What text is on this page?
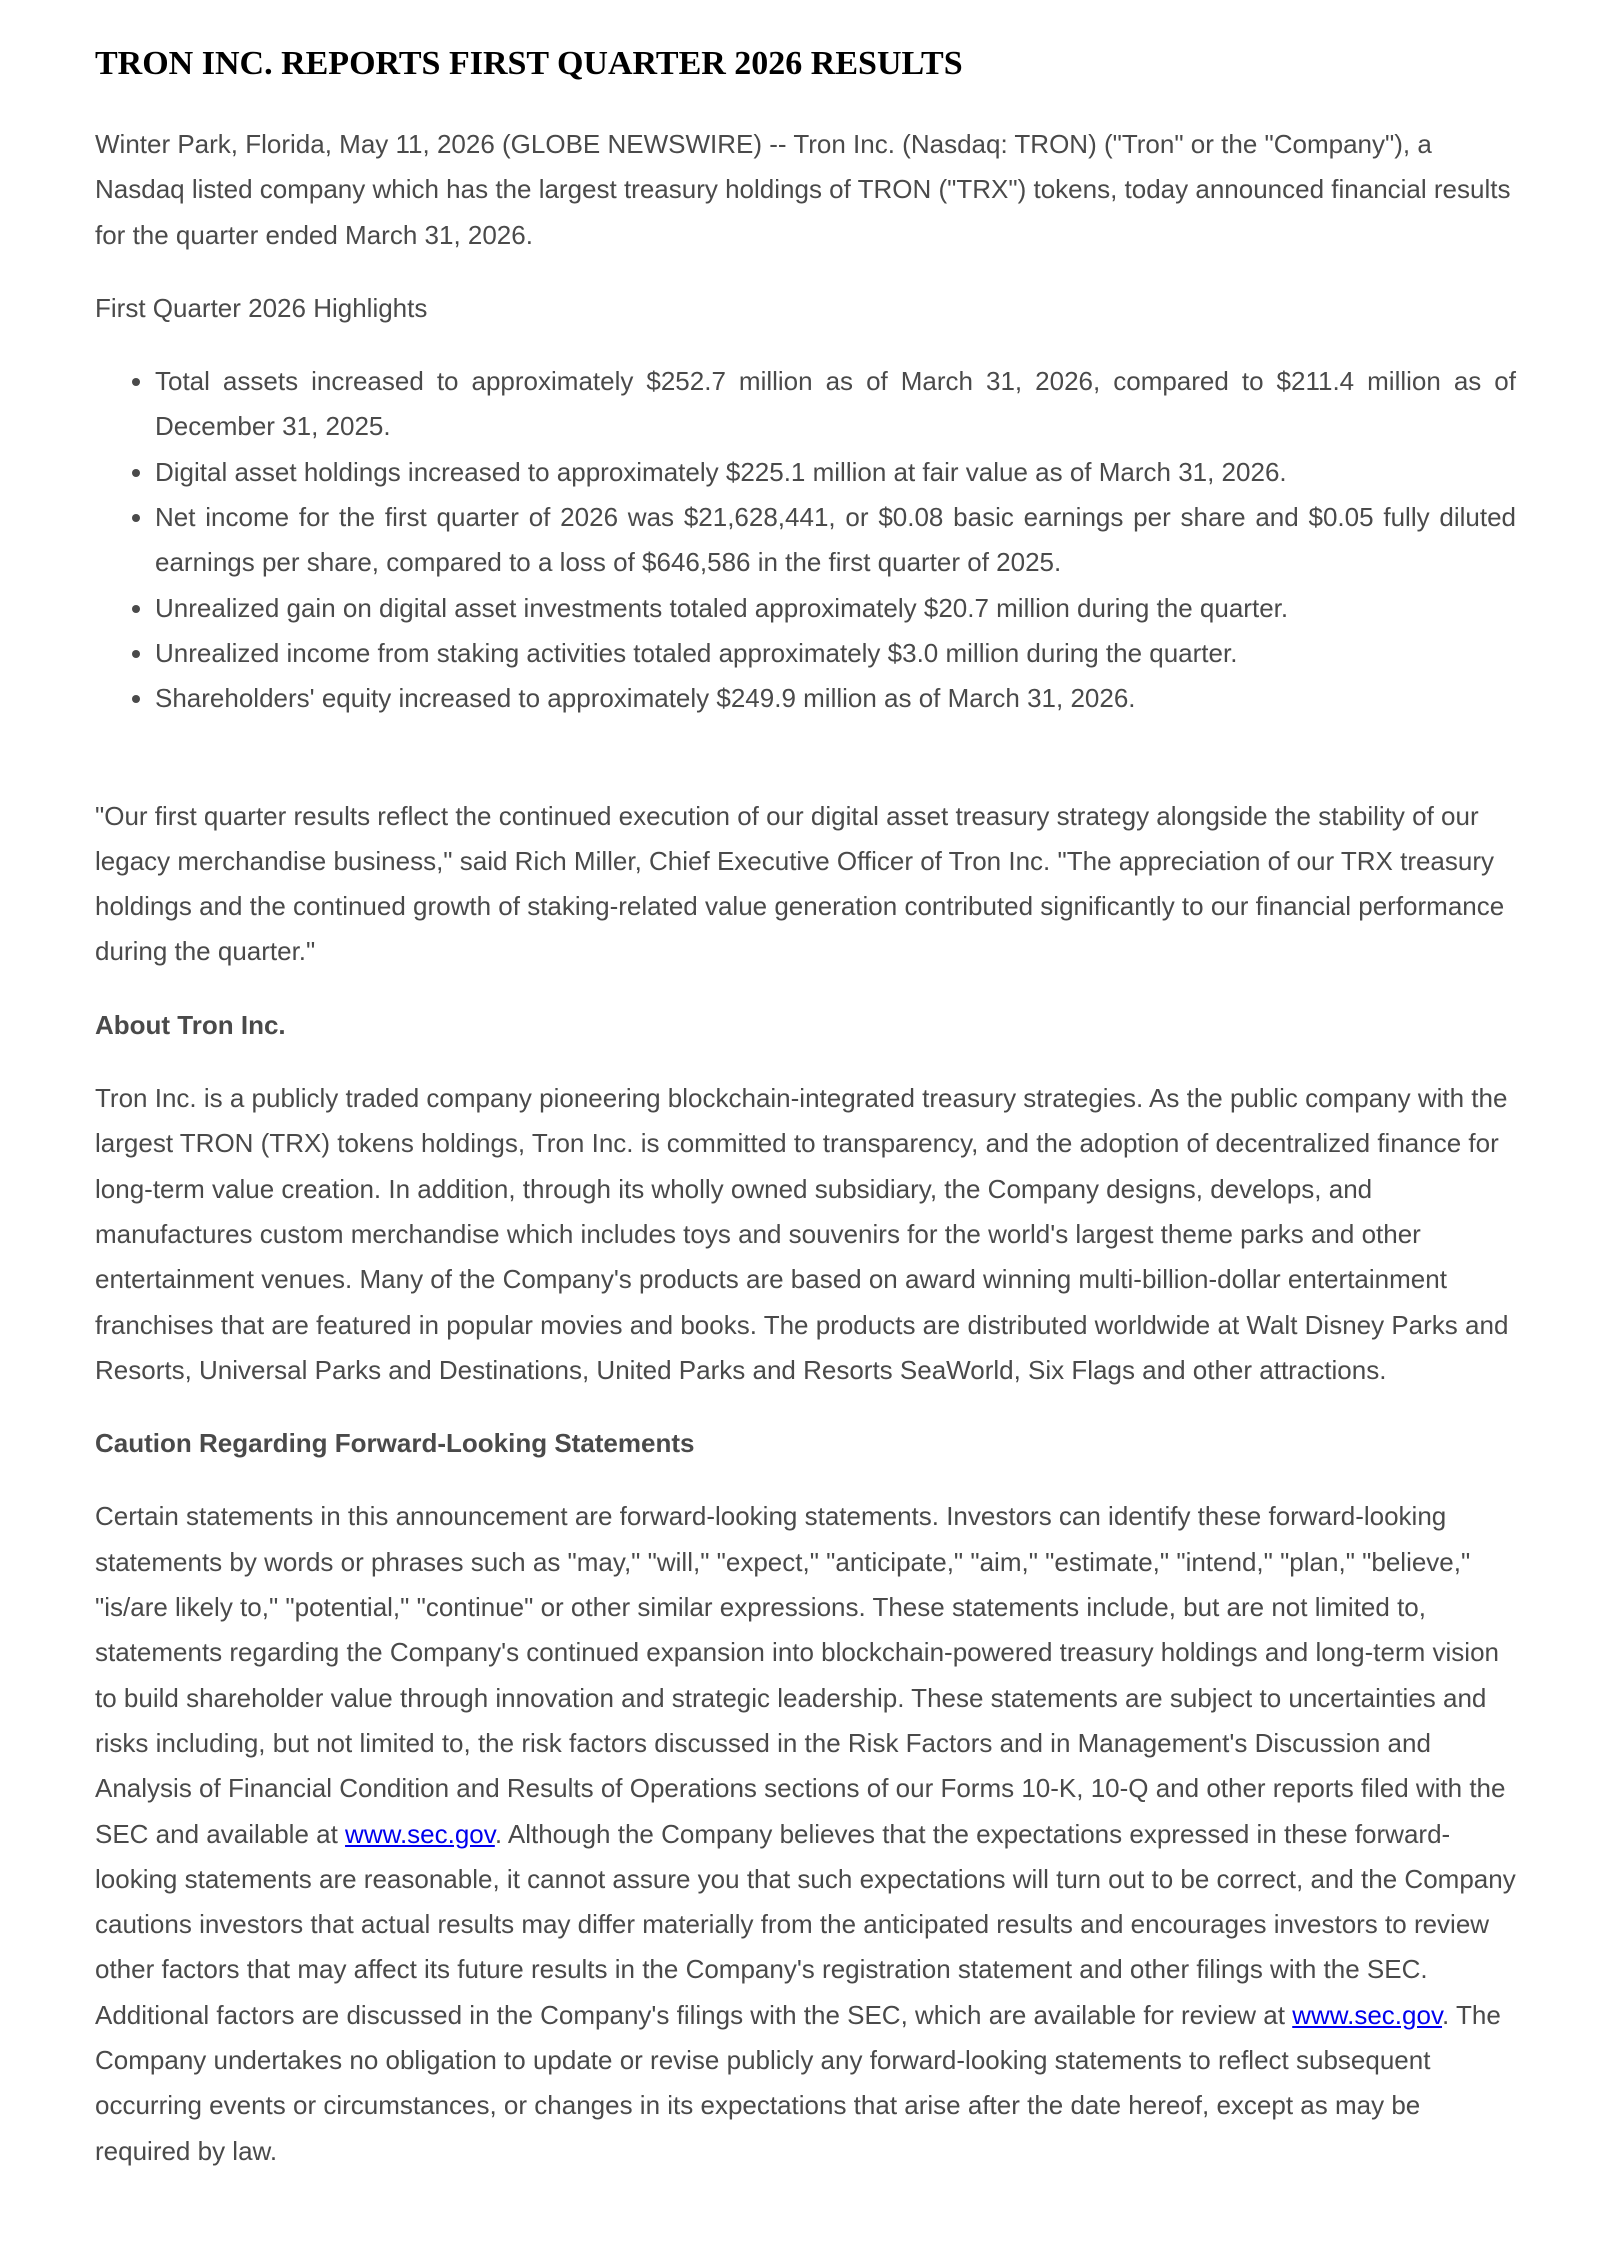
TRON INC. REPORTS FIRST QUARTER 2026 RESULTS

Winter Park, Florida, May 11, 2026 (GLOBE NEWSWIRE) -- Tron Inc. (Nasdaq: TRON) ("Tron" or the "Company"), a Nasdaq listed company which has the largest treasury holdings of TRON ("TRX") tokens, today announced financial results for the quarter ended March 31, 2026.

First Quarter 2026 Highlights

• Total assets increased to approximately $252.7 million as of March 31, 2026, compared to $211.4 million as of December 31, 2025.
• Digital asset holdings increased to approximately $225.1 million at fair value as of March 31, 2026.
• Net income for the first quarter of 2026 was $21,628,441, or $0.08 basic earnings per share and $0.05 fully diluted earnings per share, compared to a loss of $646,586 in the first quarter of 2025.
• Unrealized gain on digital asset investments totaled approximately $20.7 million during the quarter.
• Unrealized income from staking activities totaled approximately $3.0 million during the quarter.
• Shareholders' equity increased to approximately $249.9 million as of March 31, 2026.

"Our first quarter results reflect the continued execution of our digital asset treasury strategy alongside the stability of our legacy merchandise business," said Rich Miller, Chief Executive Officer of Tron Inc. "The appreciation of our TRX treasury holdings and the continued growth of staking-related value generation contributed significantly to our financial performance during the quarter."

About Tron Inc.

Tron Inc. is a publicly traded company pioneering blockchain-integrated treasury strategies. As the public company with the largest TRON (TRX) tokens holdings, Tron Inc. is committed to transparency, and the adoption of decentralized finance for long-term value creation. In addition, through its wholly owned subsidiary, the Company designs, develops, and manufactures custom merchandise which includes toys and souvenirs for the world's largest theme parks and other entertainment venues. Many of the Company's products are based on award winning multi-billion-dollar entertainment franchises that are featured in popular movies and books. The products are distributed worldwide at Walt Disney Parks and Resorts, Universal Parks and Destinations, United Parks and Resorts SeaWorld, Six Flags and other attractions.

Caution Regarding Forward-Looking Statements

Certain statements in this announcement are forward-looking statements. Investors can identify these forward-looking statements by words or phrases such as "may," "will," "expect," "anticipate," "aim," "estimate," "intend," "plan," "believe," "is/are likely to," "potential," "continue" or other similar expressions. These statements include, but are not limited to, statements regarding the Company's continued expansion into blockchain-powered treasury holdings and long-term vision to build shareholder value through innovation and strategic leadership. These statements are subject to uncertainties and risks including, but not limited to, the risk factors discussed in the Risk Factors and in Management's Discussion and Analysis of Financial Condition and Results of Operations sections of our Forms 10-K, 10-Q and other reports filed with the SEC and available at www.sec.gov. Although the Company believes that the expectations expressed in these forward-looking statements are reasonable, it cannot assure you that such expectations will turn out to be correct, and the Company cautions investors that actual results may differ materially from the anticipated results and encourages investors to review other factors that may affect its future results in the Company's registration statement and other filings with the SEC. Additional factors are discussed in the Company's filings with the SEC, which are available for review at www.sec.gov. The Company undertakes no obligation to update or revise publicly any forward-looking statements to reflect subsequent occurring events or circumstances, or changes in its expectations that arise after the date hereof, except as may be required by law.
